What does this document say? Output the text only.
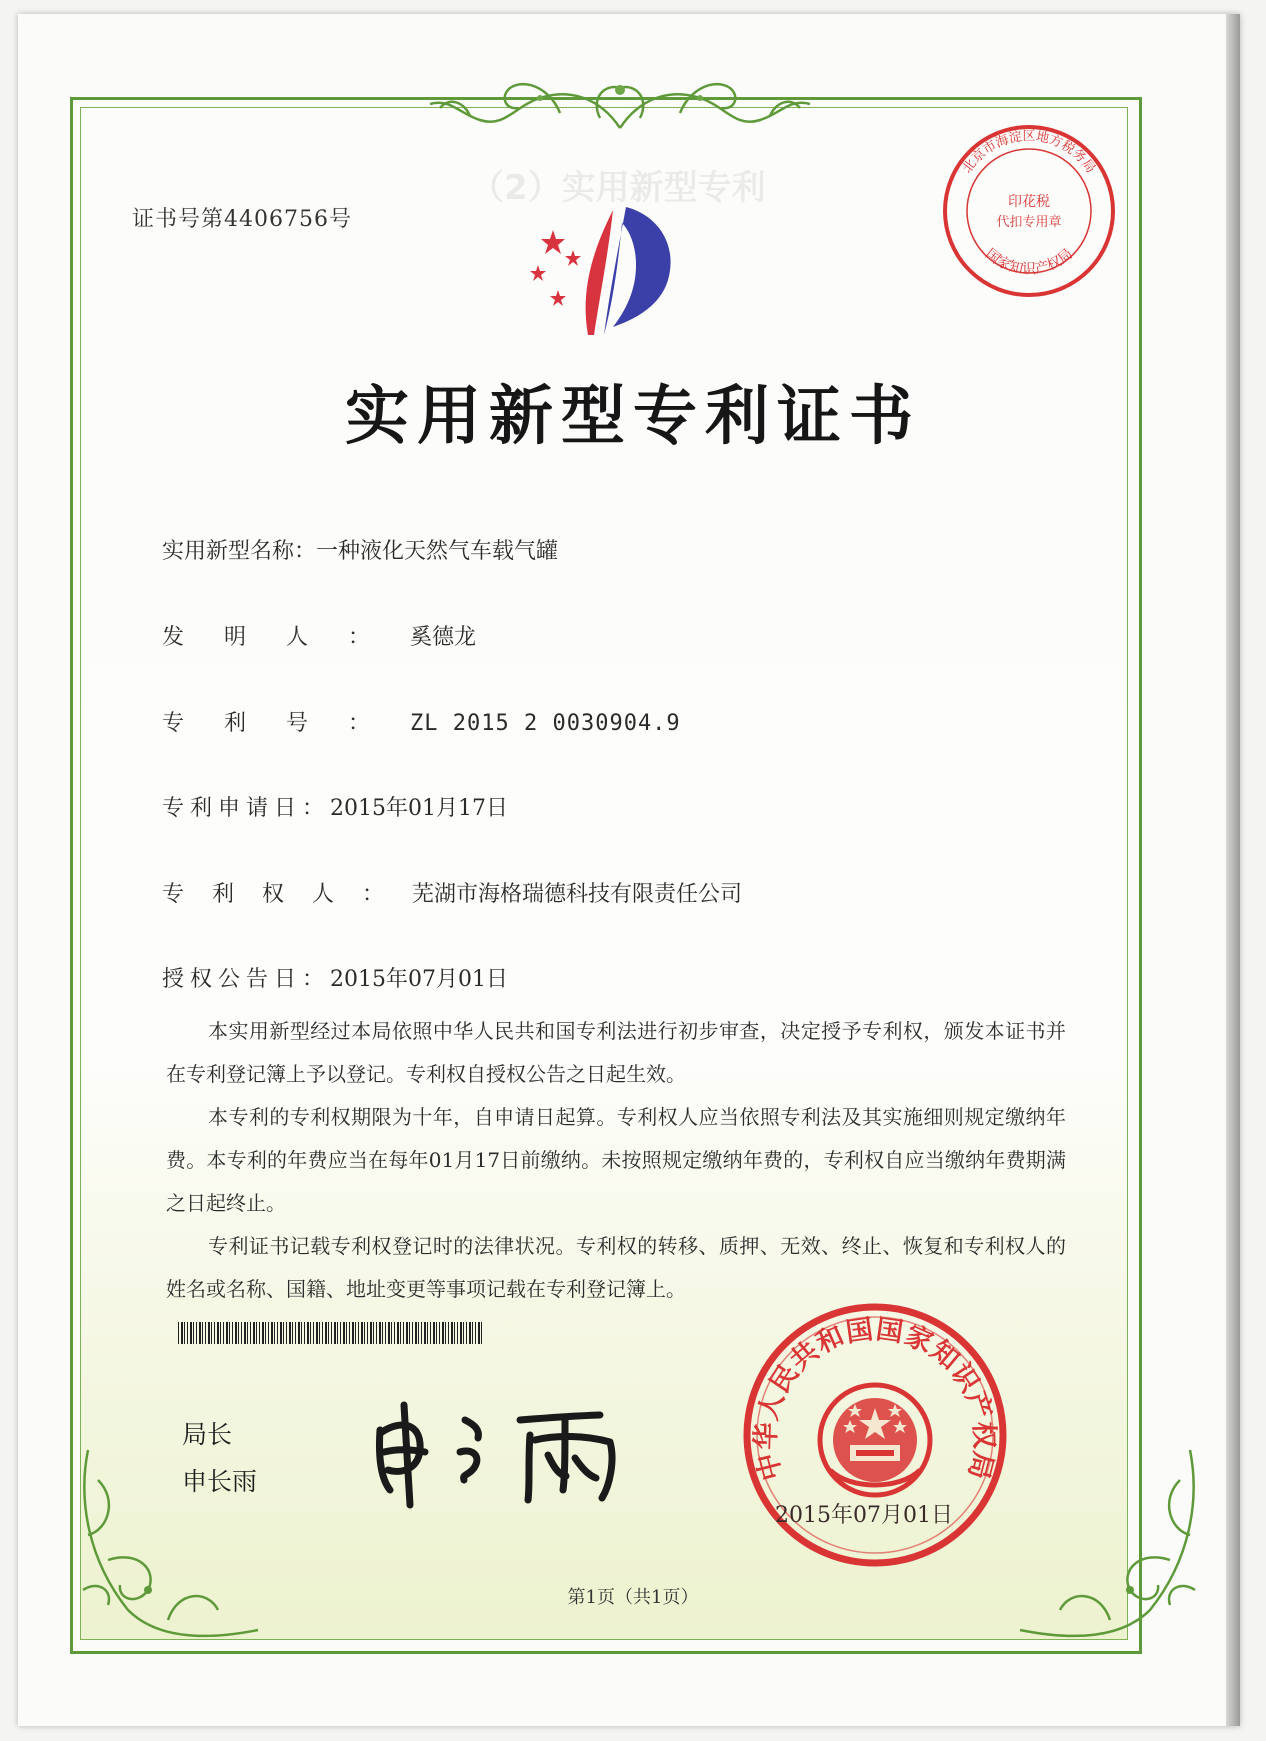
（2）实用新型专利
证书号第4406756号
实用新型专利证书
实用新型名称：一种液化天然气车载气罐
发明人：奚德龙
专利号：ZL 2015 2 0030904.9
专利申请日：2015年01月17日
专利权人：芜湖市海格瑞德科技有限责任公司
授权公告日：2015年07月01日

本实用新型经过本局依照中华人民共和国专利法进行初步审查，决定授予专利权，颁发本证书并在专利登记簿上予以登记。专利权自授权公告之日起生效。

本专利的专利权期限为十年，自申请日起算。专利权人应当依照专利法及其实施细则规定缴纳年费。本专利的年费应当在每年01月17日前缴纳。未按照规定缴纳年费的，专利权自应当缴纳年费期满之日起终止。

专利证书记载专利权登记时的法律状况。专利权的转移、质押、无效、终止、恢复和专利权人的姓名或名称、国籍、地址变更等事项记载在专利登记簿上。

局长
申长雨	中华人民共和国国家知识产权局
2015年07月01日
北京市海淀区地方税务局
国家知识产权局
印花税
代扣专用章
第1页（共1页）
